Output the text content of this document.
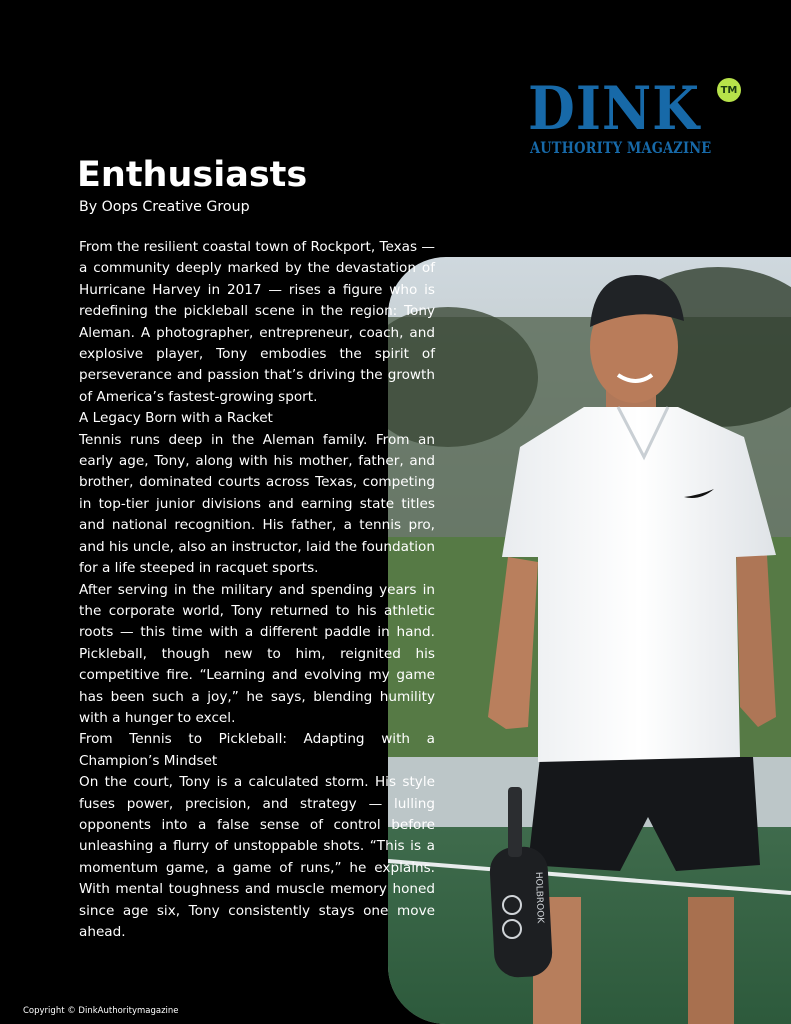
HOLBROOK
DINK	TM
AUTHORITY MAGAZINE
Enthusiasts
By Oops Creative Group

From the resilient coastal town of Rockport, Texas — a community deeply marked by the devastation of Hurricane Harvey in 2017 — rises a figure who is redefining the pickleball scene in the region: Tony Aleman. A photographer, entrepreneur, coach, and explosive player, Tony embodies the spirit of perseverance and passion that’s driving the growth of America’s fastest-growing sport.

A Legacy Born with a Racket

Tennis runs deep in the Aleman family. From an early age, Tony, along with his mother, father, and brother, dominated courts across Texas, competing in top-tier junior divisions and earning state titles and national recognition. His father, a tennis pro, and his uncle, also an instructor, laid the foundation for a life steeped in racquet sports.

After serving in the military and spending years in the corporate world, Tony returned to his athletic roots — this time with a different paddle in hand. Pickleball, though new to him, reignited his competitive fire. “Learning and evolving my game has been such a joy,” he says, blending humility with a hunger to excel.

From Tennis to Pickleball: Adapting with a Champion’s Mindset

On the court, Tony is a calculated storm. His style fuses power, precision, and strategy — lulling opponents into a false sense of control before unleashing a flurry of unstoppable shots. “This is a momentum game, a game of runs,” he explains. With mental toughness and muscle memory honed since age six, Tony consistently stays one move ahead.

Copyright © DinkAuthoritymagazine
